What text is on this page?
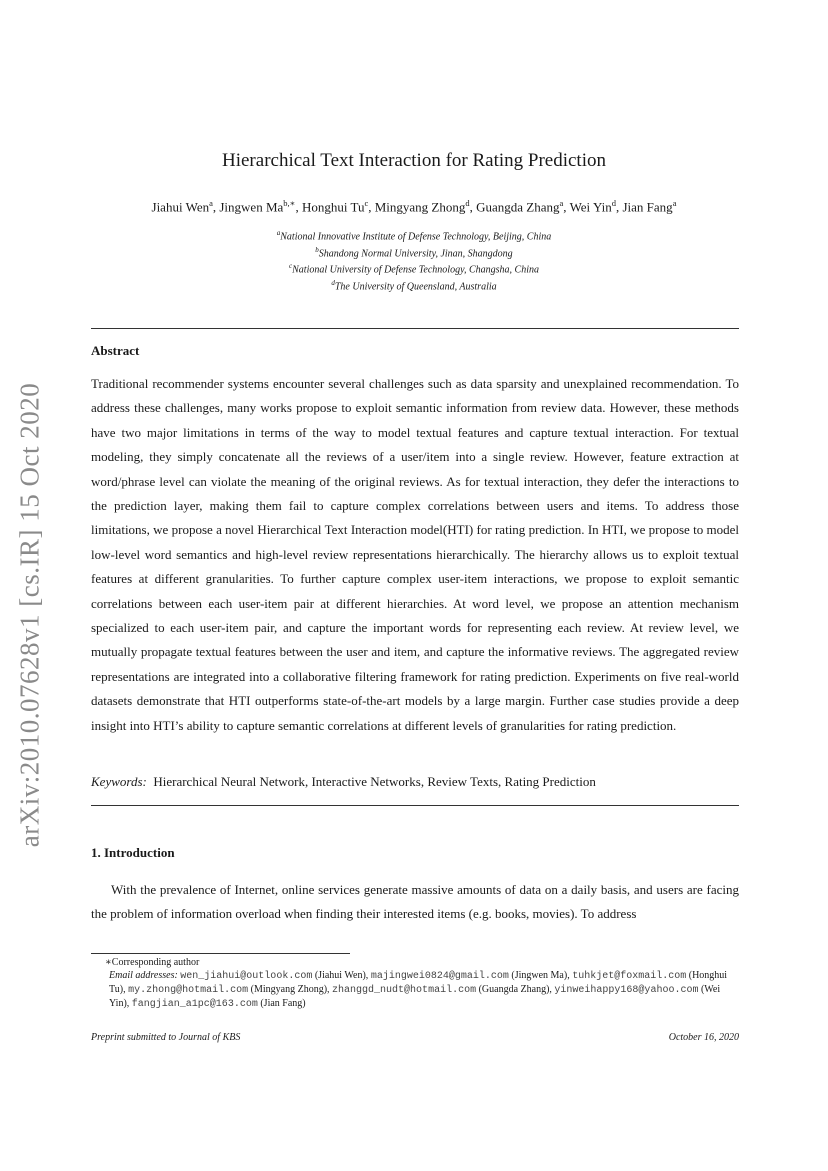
arXiv:2010.07628v1 [cs.IR] 15 Oct 2020
Hierarchical Text Interaction for Rating Prediction
Jiahui Wen$^a$, Jingwen $Ma^{b,∗}$, Honghui Tu$^c$, Mingyang Zhong$^d$, Guangda Zhang$^a$, Wei Yin$^d$, Jian Fang$^a$
$^a$National Innovative Institute of Defense Technology, Beijing, China
$^b$Shandong Normal University, Jinan, Shangdong
$^c$National University of Defense Technology, Changsha, China
$^d$The University of Queensland, Australia
Abstract

Traditional recommender systems encounter several challenges such as data sparsity and unexplained recommendation. To address these challenges, many works propose to exploit semantic information from review data. However, these methods have two major limitations in terms of the way to model textual features and capture textual interaction. For textual modeling, they simply concatenate all the reviews of a user/item into a single review. However, feature extraction at word/phrase level can violate the meaning of the original reviews. As for textual interaction, they defer the interactions to the prediction layer, making them fail to capture complex correlations between users and items. To address those limitations, we propose a novel Hierarchical Text Interaction model(HTI) for rating prediction. In HTI, we propose to model low-level word semantics and high-level review representations hierarchically. The hierarchy allows us to exploit textual features at different granularities. To further capture complex user-item interactions, we propose to exploit semantic correlations between each user-item pair at different hierarchies. At word level, we propose an attention mechanism specialized to each user-item pair, and capture the important words for representing each review. At review level, we mutually propagate textual features between the user and item, and capture the informative reviews. The aggregated review representations are integrated into a collaborative filtering framework for rating prediction. Experiments on five real-world datasets demonstrate that HTI outperforms state-of-the-art models by a large margin. Further case studies provide a deep insight into HTI’s ability to capture semantic correlations at different levels of granularities for rating prediction.

Keywords: Hierarchical Neural Network, Interactive Networks, Review Texts, Rating Prediction
1. Introduction

With the prevalence of Internet, online services generate massive amounts of data on a daily basis, and users are facing the problem of information overload when finding their interested items (e.g. books, movies). To address

∗Corresponding author
Email addresses: wen_jiahui@outlook.com (Jiahui Wen), majingwei0824@gmail.com (Jingwen Ma), tuhkjet@foxmail.com (Honghui Tu), my.zhong@hotmail.com (Mingyang Zhong), zhanggd_nudt@hotmail.com (Guangda Zhang), yinweihappy168@yahoo.com (Wei Yin), fangjian_a1pc@163.com (Jian Fang)
Preprint submitted to Journal of KBS	October 16, 2020
